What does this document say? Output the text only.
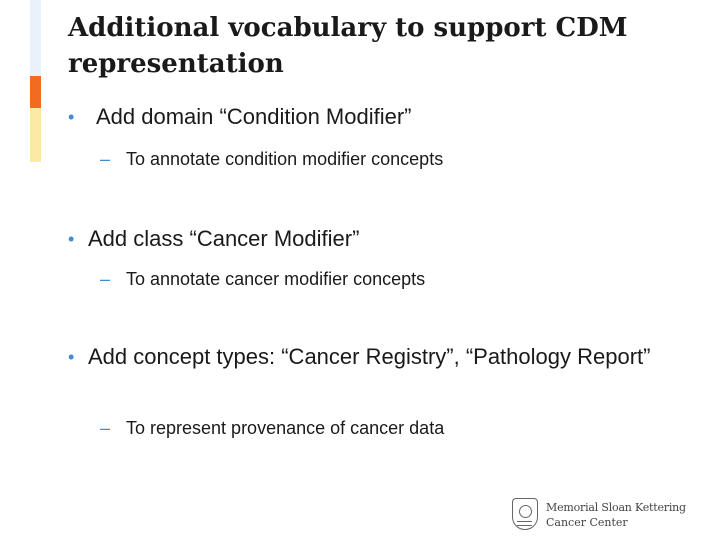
Additional vocabulary to support CDM representation
• Add domain “Condition Modifier”
– To annotate condition modifier concepts
• Add class “Cancer Modifier”
– To annotate cancer modifier concepts
• Add concept types: “Cancer Registry”, “Pathology Report”
– To represent provenance of cancer data
Memorial Sloan Kettering
Cancer Center
